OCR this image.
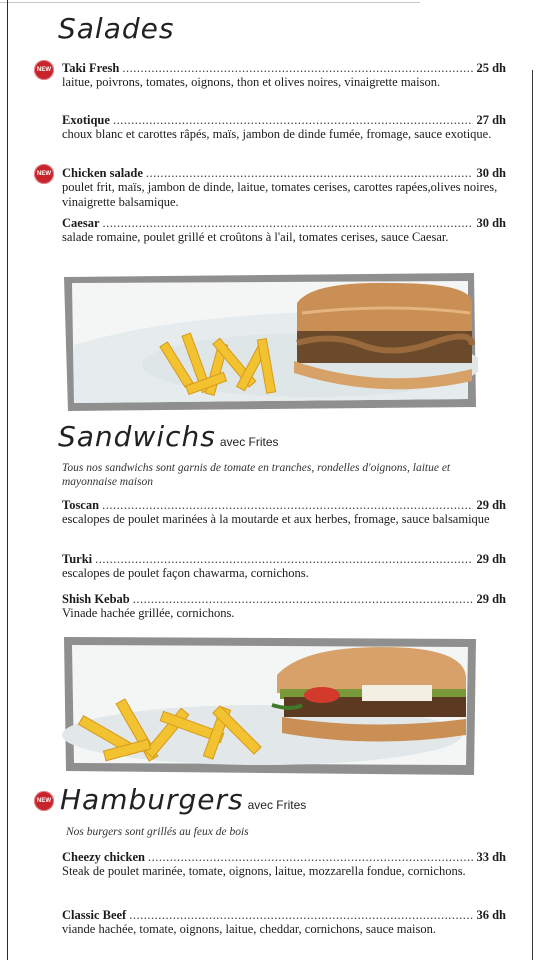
Salades
NEW Taki Fresh .....	25 dh
laitue, poivrons, tomates, oignons, thon et olives noires, vinaigrette maison.
Exotique .....	27 dh
choux blanc et carottes râpés, maïs, jambon de dinde fumée, fromage, sauce exotique.
NEW Chicken salade .....	30 dh
poulet frit, maïs, jambon de dinde, laitue, tomates cerises, carottes rapées,olives noires, vinaigrette balsamique.
Caesar .....	30 dh
salade romaine, poulet grillé et croûtons à l'ail, tomates cerises, sauce Caesar.
Sandwichs avec Frites
Tous nos sandwichs sont garnis de tomate en tranches, rondelles d'oignons, laitue et mayonnaise maison
Toscan .....	29 dh
escalopes de poulet marinées à la moutarde et aux herbes, fromage, sauce balsamique
Turki .....	29 dh
escalopes de poulet façon chawarma, cornichons.
Shish Kebab .....	29 dh
Vinade hachée grillée, cornichons.
NEW Hamburgers avec Frites
Nos burgers sont grillés au feux de bois
Cheezy chicken .....	33 dh
Steak de poulet marinée, tomate, oignons, laitue, mozzarella fondue, cornichons.
Classic Beef .....	36 dh
viande hachée, tomate, oignons, laitue, cheddar, cornichons, sauce maison.
